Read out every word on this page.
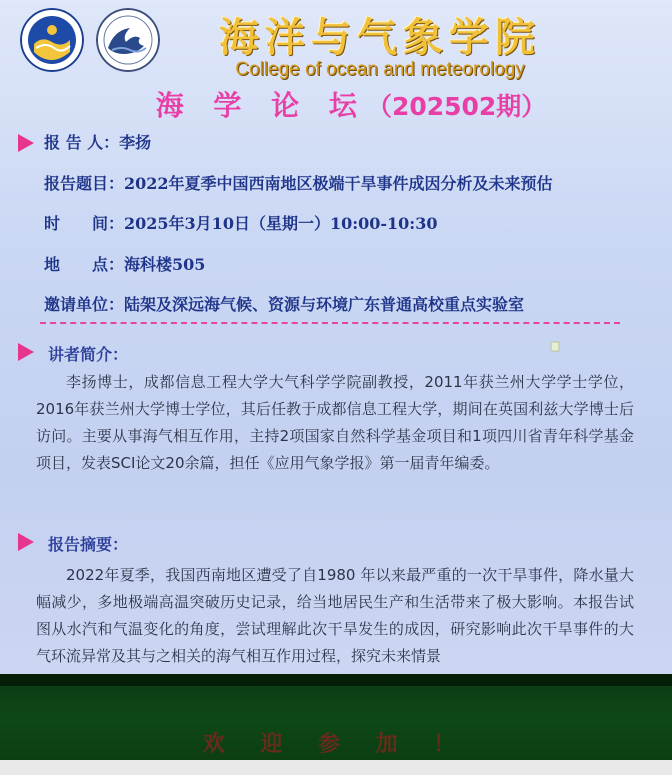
海洋与气象学院
College of ocean and meteorology
海 学 论 坛（202502期）
报 告 人：李扬
报告题目：2022年夏季中国西南地区极端干旱事件成因分析及未来预估
时　　间：2025年3月10日（星期一）10:00-10:30
地　　点：海科楼505
邀请单位：陆架及深远海气候、资源与环境广东普通高校重点实验室
讲者简介：
李扬博士，成都信息工程大学大气科学学院副教授，2011年获兰州大学学士学位，2016年获兰州大学博士学位，其后任教于成都信息工程大学，期间在英国利兹大学博士后访问。主要从事海气相互作用，主持2项国家自然科学基金项目和1项四川省青年科学基金项目，发表SCI论文20余篇，担任《应用气象学报》第一届青年编委。
报告摘要：
2022年夏季，我国西南地区遭受了自1980 年以来最严重的一次干旱事件，降水量大幅减少，多地极端高温突破历史记录，给当地居民生产和生活带来了极大影响。本报告试图从水汽和气温变化的角度，尝试理解此次干旱发生的成因，研究影响此次干旱事件的大气环流异常及其与之相关的海气相互作用过程，探究未来情景
欢 迎 参 加 ！
